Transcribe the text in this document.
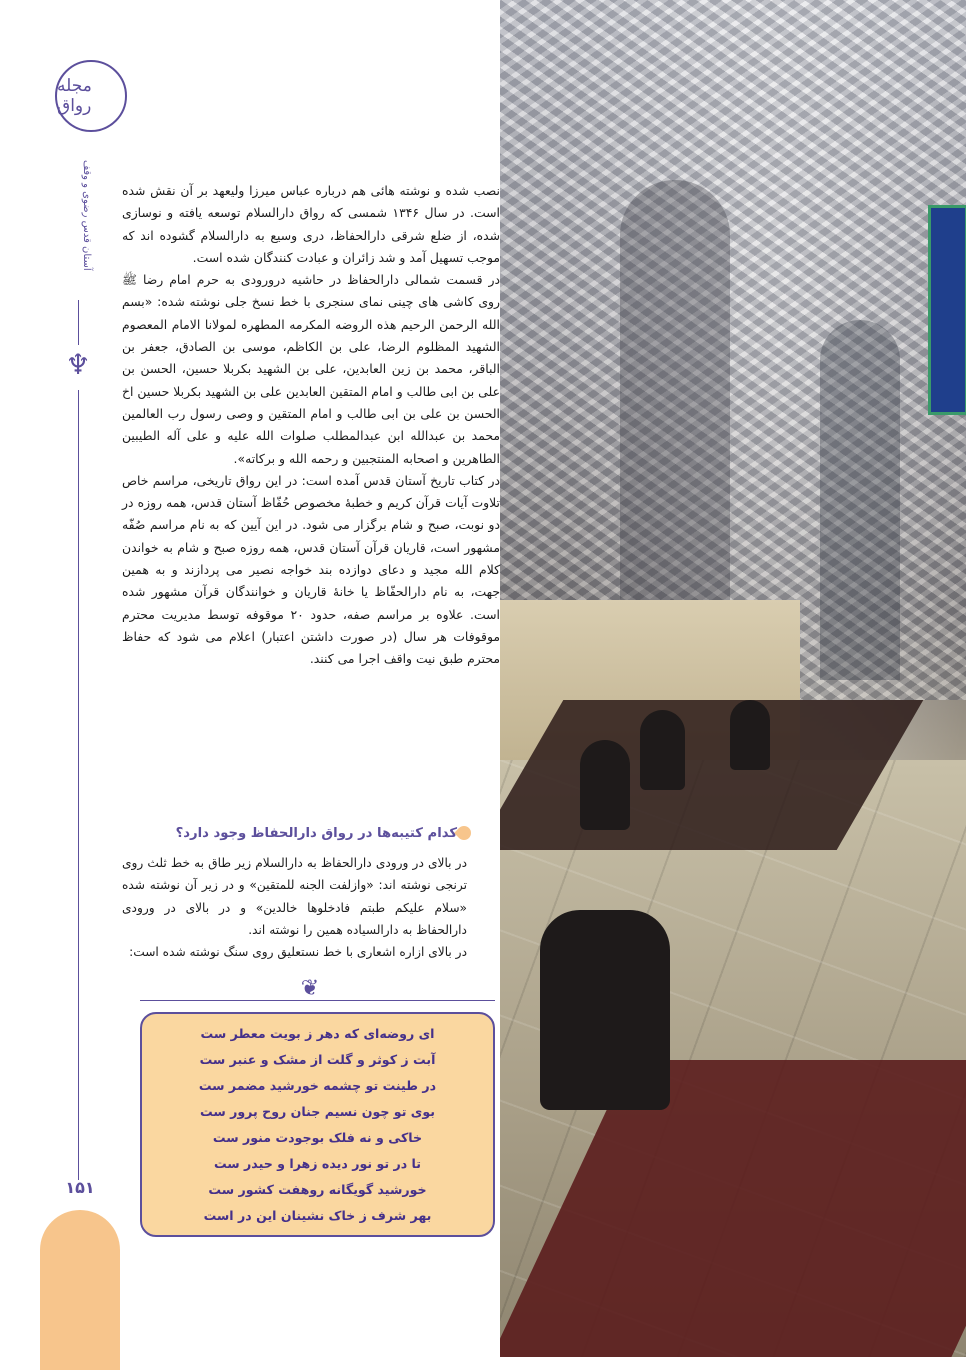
مجله رواق
آستان قدس رضوی و وقف
♆
۱۵۱

نصب شده و نوشته هائی هم درباره عباس میرزا ولیعهد بر آن نقش شده است. در سال ۱۳۴۶ شمسی که رواق دارالسلام توسعه یافته و نوسازی شده، از ضلع شرقی دارالحفاظ، دری وسیع به دارالسلام گشوده اند که موجب تسهیل آمد و شد زائران و عبادت کنندگان شده است.

در قسمت شمالی دارالحفاظ در حاشیه درورودی به حرم امام رضا ﷺ روی کاشی های چینی نمای سنجری با خط نسخ جلی نوشته شده: «بسم الله الرحمن الرحیم هذه الروضه المکرمه المطهره لمولانا الامام المعصوم الشهید المظلوم الرضا، علی بن الکاظم، موسی بن الصادق، جعفر بن الباقر، محمد بن زین العابدین، علی بن الشهید بکربلا حسین، الحسن بن علی بن ابی طالب و امام المتقین العابدین علی بن الشهید بکربلا حسین اخ الحسن بن علی بن ابی طالب و امام المتقین و وصی رسول رب العالمین محمد بن عبدالله ابن عبدالمطلب صلوات الله علیه و علی آله الطیبین الطاهرین و اصحابه المنتجبین و رحمه الله و برکاته».

در کتاب تاریخ آستان قدس آمده است: در این رواق تاریخی، مراسم خاص تلاوت آیات قرآن کریم و خطبهٔ مخصوص حُفّاظ آستان قدس، همه روزه در دو نوبت، صبح و شام برگزار می شود. در این آیین که به نام مراسم صُفّه مشهور است، قاریان قرآن آستان قدس، همه روزه صبح و شام به خواندن کلام الله مجید و دعای دوازده بند خواجه نصیر می پردازند و به همین جهت، به نام دارالحفّاظ یا خانهٔ قاریان و خوانندگان قرآن مشهور شده است. علاوه بر مراسم صفه، حدود ۲۰ موقوفه توسط مدیریت محترم موقوفات هر سال (در صورت داشتن اعتبار) اعلام می شود که حفاظ محترم طبق نیت واقف اجرا می کنند.

کدام کتیبه‌ها در رواق دارالحفاظ وجود دارد؟

در بالای در ورودی دارالحفاظ به دارالسلام زیر طاق به خط ثلث روی ترنجی نوشته اند: «وازلفت الجنه للمتقین» و در زیر آن نوشته شده «سلام علیکم طبتم فادخلوها خالدین» و در بالای در ورودی دارالحفاظ به دارالسیاده همین را نوشته اند.

در بالای ازاره اشعاری با خط نستعلیق روی سنگ نوشته شده است:

❦
ای روضه‌ای که دهر ز بویت معطر ست
آبت ز کوثر و گلت از مشک و عنبر ست
در طینت تو چشمه خورشید مضمر ست
بوی تو چون نسیم جنان روح پرور ست
خاکی و نه فلک بوجودت منور ست
تا در تو نور دیده زهرا و حیدر ست
خورشید گویگانه روهفت کشور ست
بهر شرف ز خاک نشینان این در است
